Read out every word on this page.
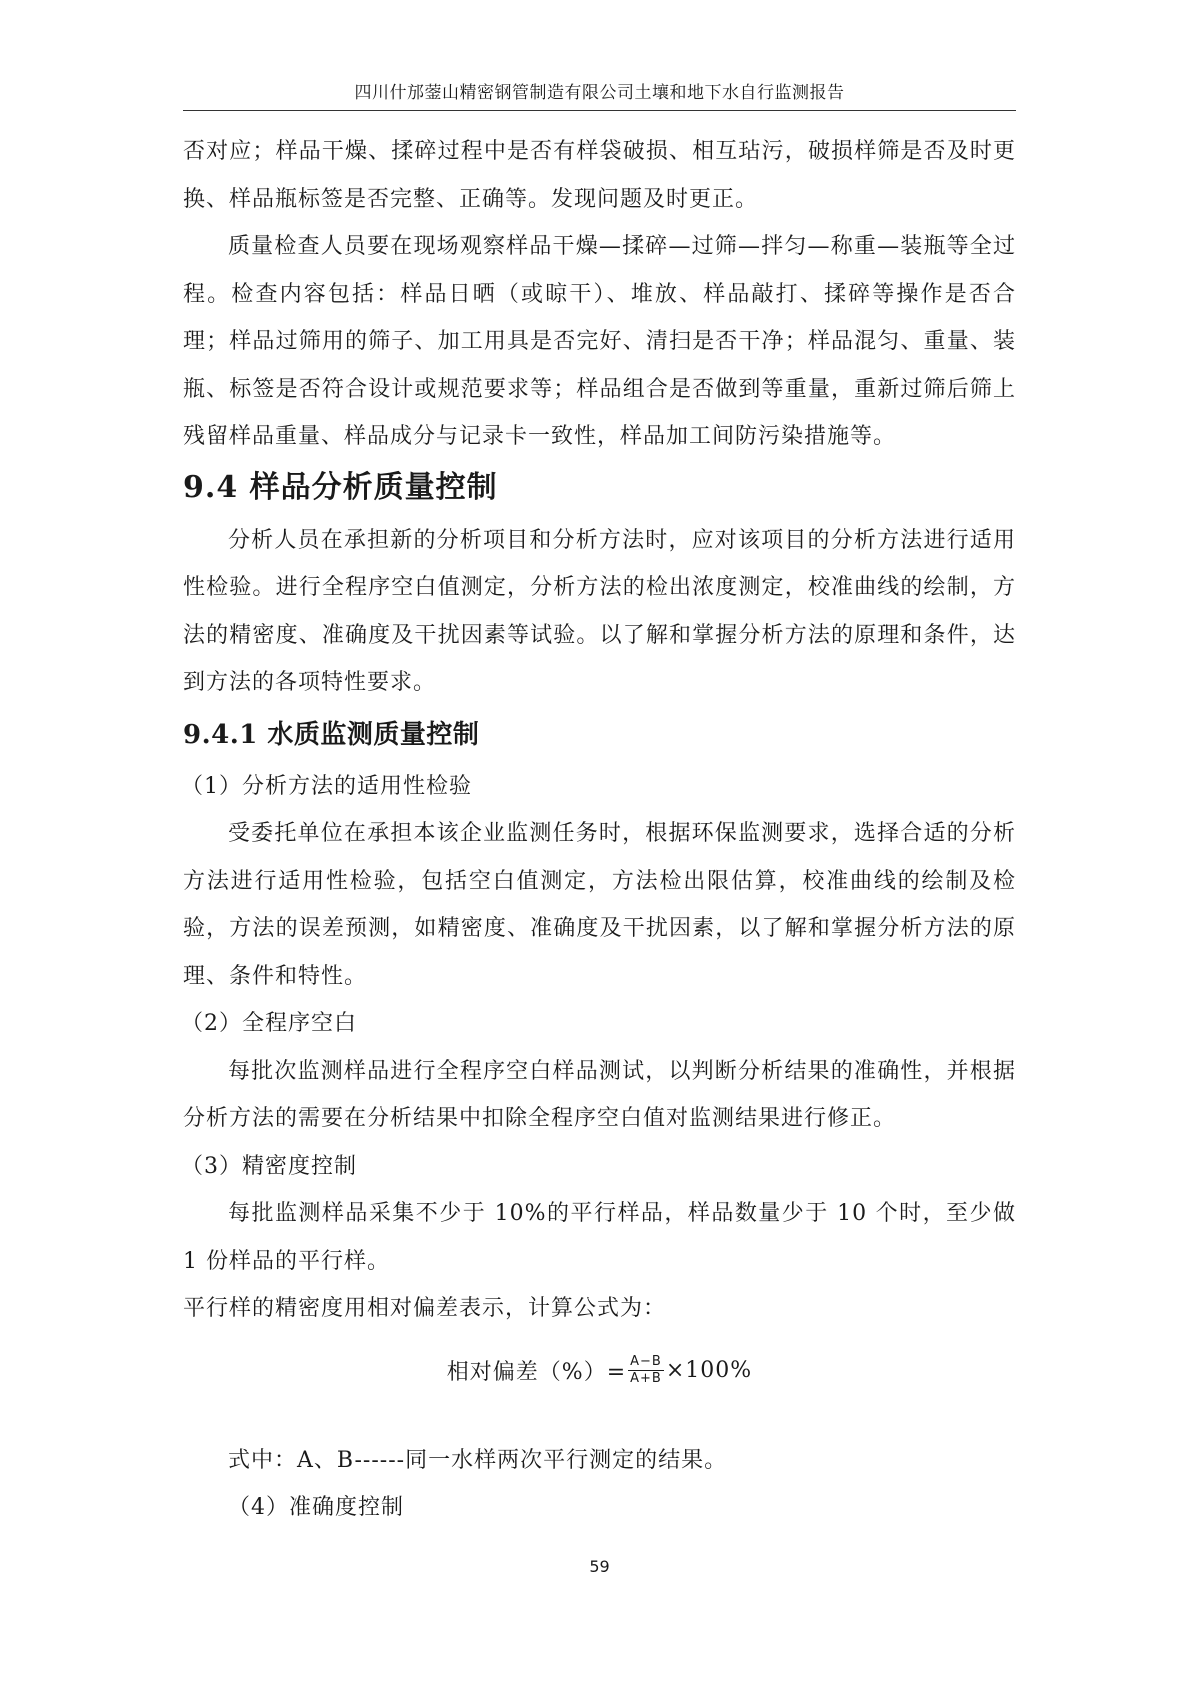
四川什邡蓥山精密钢管制造有限公司土壤和地下水自行监测报告

否对应；样品干燥、揉碎过程中是否有样袋破损、相互玷污，破损样筛是否及时更换、样品瓶标签是否完整、正确等。发现问题及时更正。

质量检查人员要在现场观察样品干燥—揉碎—过筛—拌匀—称重—装瓶等全过程。检查内容包括：样品日晒（或晾干）、堆放、样品敲打、揉碎等操作是否合理；样品过筛用的筛子、加工用具是否完好、清扫是否干净；样品混匀、重量、装瓶、标签是否符合设计或规范要求等；样品组合是否做到等重量，重新过筛后筛上残留样品重量、样品成分与记录卡一致性，样品加工间防污染措施等。

9.4 样品分析质量控制

分析人员在承担新的分析项目和分析方法时，应对该项目的分析方法进行适用性检验。进行全程序空白值测定，分析方法的检出浓度测定，校准曲线的绘制，方法的精密度、准确度及干扰因素等试验。以了解和掌握分析方法的原理和条件，达到方法的各项特性要求。

9.4.1 水质监测质量控制

（1）分析方法的适用性检验

受委托单位在承担本该企业监测任务时，根据环保监测要求，选择合适的分析方法进行适用性检验，包括空白值测定，方法检出限估算，校准曲线的绘制及检验，方法的误差预测，如精密度、准确度及干扰因素，以了解和掌握分析方法的原理、条件和特性。

（2）全程序空白

每批次监测样品进行全程序空白样品测试，以判断分析结果的准确性，并根据分析方法的需要在分析结果中扣除全程序空白值对监测结果进行修正。

（3）精密度控制

每批监测样品采集不少于 10%的平行样品，样品数量少于 10 个时，至少做 1 份样品的平行样。

平行样的精密度用相对偏差表示，计算公式为：

相对偏差（%）= $\frac{A-B}{A+B} \times 100\%$

式中：A、B------同一水样两次平行测定的结果。

（4）准确度控制

59
